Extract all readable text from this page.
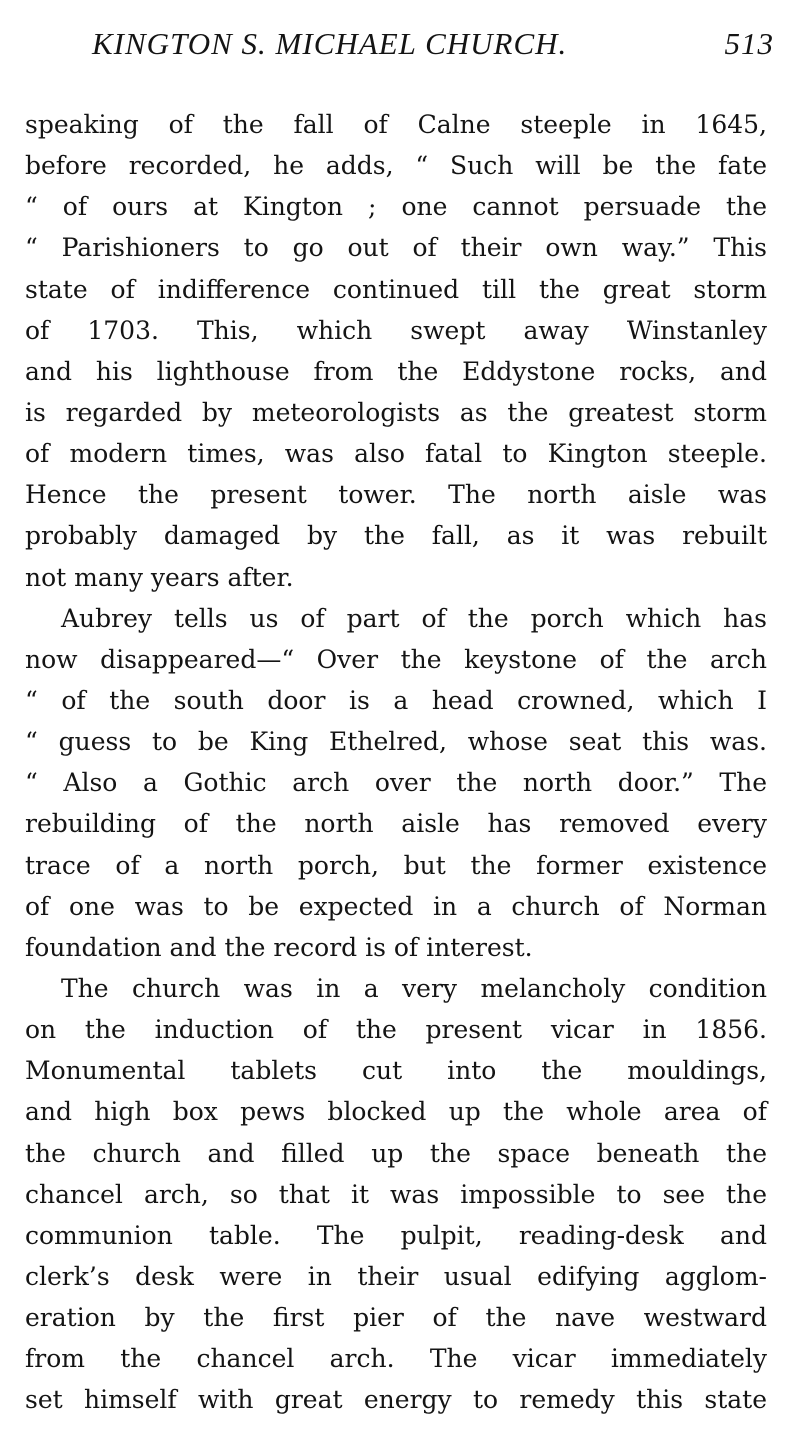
KINGTON S. MICHAEL CHURCH.	513
speaking of the fall of Calne steeple in 1645,
before recorded, he adds, “ Such will be the fate
“ of ours at Kington ; one cannot persuade the
“ Parishioners to go out of their own way.” This
state of indifference continued till the great storm
of 1703. This, which swept away Winstanley
and his lighthouse from the Eddystone rocks, and
is regarded by meteorologists as the greatest storm
of modern times, was also fatal to Kington steeple.
Hence the present tower. The north aisle was
probably damaged by the fall, as it was rebuilt
not many years after.
Aubrey tells us of part of the porch which has
now disappeared—“ Over the keystone of the arch
“ of the south door is a head crowned, which I
“ guess to be King Ethelred, whose seat this was.
“ Also a Gothic arch over the north door.” The
rebuilding of the north aisle has removed every
trace of a north porch, but the former existence
of one was to be expected in a church of Norman
foundation and the record is of interest.
The church was in a very melancholy condition
on the induction of the present vicar in 1856.
Monumental tablets cut into the mouldings,
and high box pews blocked up the whole area of
the church and filled up the space beneath the
chancel arch, so that it was impossible to see the
communion table. The pulpit, reading-desk and
clerk’s desk were in their usual edifying agglom-
eration by the first pier of the nave westward
from the chancel arch. The vicar immediately
set himself with great energy to remedy this state
